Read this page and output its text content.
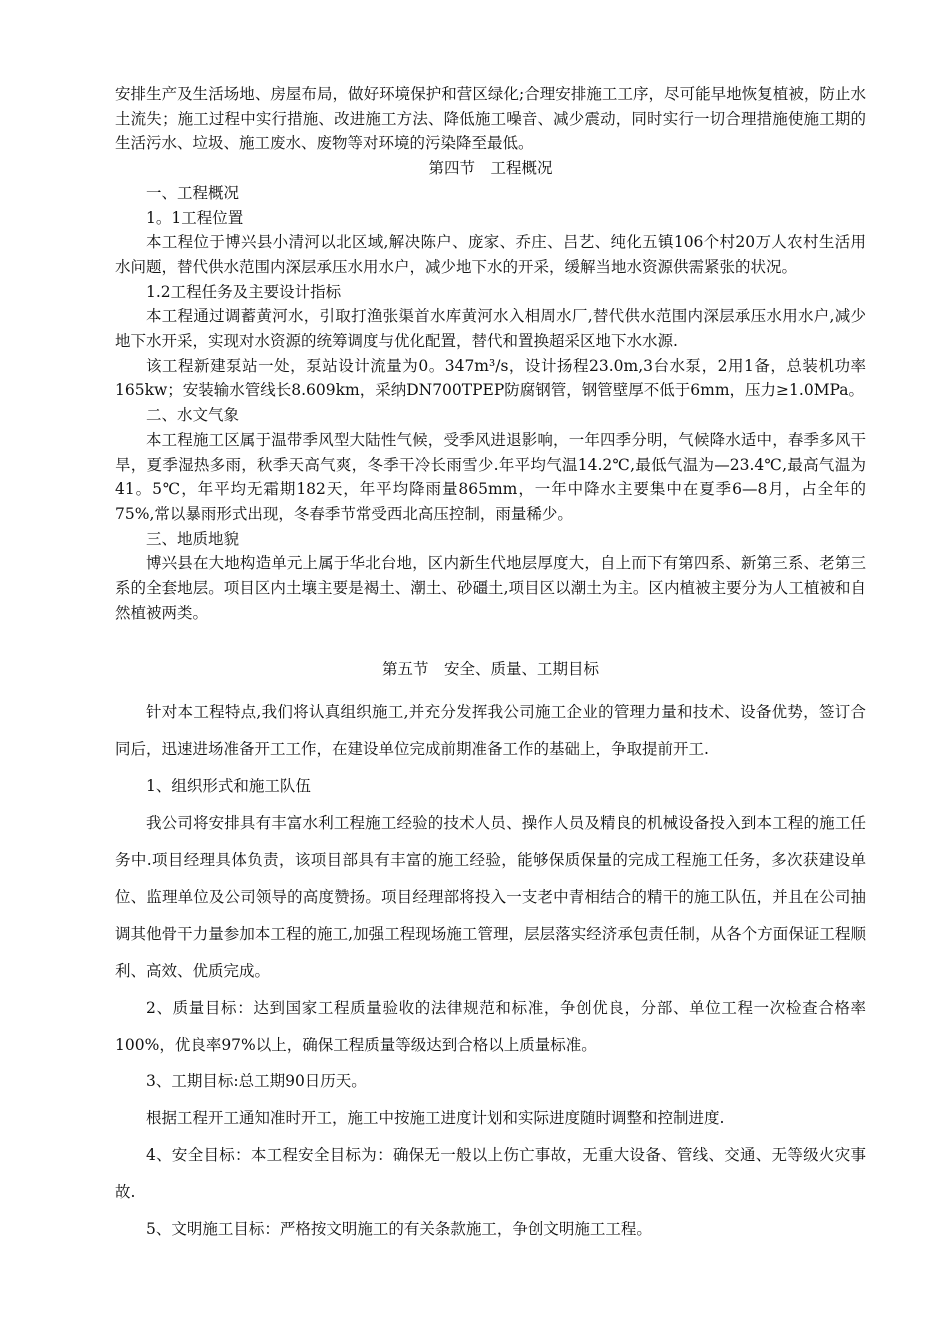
安排生产及生活场地、房屋布局，做好环境保护和营区绿化;合理安排施工工序，尽可能早地恢复植被，防止水土流失；施工过程中实行措施、改进施工方法、降低施工噪音、减少震动，同时实行一切合理措施使施工期的生活污水、垃圾、施工废水、废物等对环境的污染降至最低。

第四节　工程概况

一、工程概况

1。1工程位置

本工程位于博兴县小清河以北区域,解决陈户、庞家、乔庄、吕艺、纯化五镇106个村20万人农村生活用水问题，替代供水范围内深层承压水用水户，减少地下水的开采，缓解当地水资源供需紧张的状况。

1.2工程任务及主要设计指标

本工程通过调蓄黄河水，引取打渔张渠首水库黄河水入相周水厂,替代供水范围内深层承压水用水户,减少地下水开采，实现对水资源的统筹调度与优化配置，替代和置换超采区地下水水源.

该工程新建泵站一处，泵站设计流量为0。347m³/s，设计扬程23.0m,3台水泵，2用1备，总装机功率165kw；安装输水管线长8.609km，采纳DN700TPEP防腐钢管，钢管壁厚不低于6mm，压力≥1.0MPa。

二、水文气象

本工程施工区属于温带季风型大陆性气候，受季风进退影响，一年四季分明，气候降水适中，春季多风干旱，夏季湿热多雨，秋季天高气爽，冬季干冷长雨雪少.年平均气温14.2℃,最低气温为—23.4℃,最高气温为41。5℃，年平均无霜期182天，年平均降雨量865mm，一年中降水主要集中在夏季6—8月，占全年的75%,常以暴雨形式出现，冬春季节常受西北高压控制，雨量稀少。

三、地质地貌

博兴县在大地构造单元上属于华北台地，区内新生代地层厚度大，自上而下有第四系、新第三系、老第三系的全套地层。项目区内土壤主要是褐土、潮土、砂礓土,项目区以潮土为主。区内植被主要分为人工植被和自然植被两类。

第五节　安全、质量、工期目标

针对本工程特点,我们将认真组织施工,并充分发挥我公司施工企业的管理力量和技术、设备优势，签订合同后，迅速进场准备开工工作，在建设单位完成前期准备工作的基础上，争取提前开工.

1、组织形式和施工队伍

我公司将安排具有丰富水利工程施工经验的技术人员、操作人员及精良的机械设备投入到本工程的施工任务中.项目经理具体负责，该项目部具有丰富的施工经验，能够保质保量的完成工程施工任务，多次获建设单位、监理单位及公司领导的高度赞扬。项目经理部将投入一支老中青相结合的精干的施工队伍，并且在公司抽调其他骨干力量参加本工程的施工,加强工程现场施工管理，层层落实经济承包责任制，从各个方面保证工程顺利、高效、优质完成。

2、质量目标：达到国家工程质量验收的法律规范和标准，争创优良，分部、单位工程一次检查合格率100%，优良率97%以上，确保工程质量等级达到合格以上质量标准。

3、工期目标:总工期90日历天。

根据工程开工通知准时开工，施工中按施工进度计划和实际进度随时调整和控制进度.

4、安全目标：本工程安全目标为：确保无一般以上伤亡事故，无重大设备、管线、交通、无等级火灾事故.

5、文明施工目标：严格按文明施工的有关条款施工，争创文明施工工程。
